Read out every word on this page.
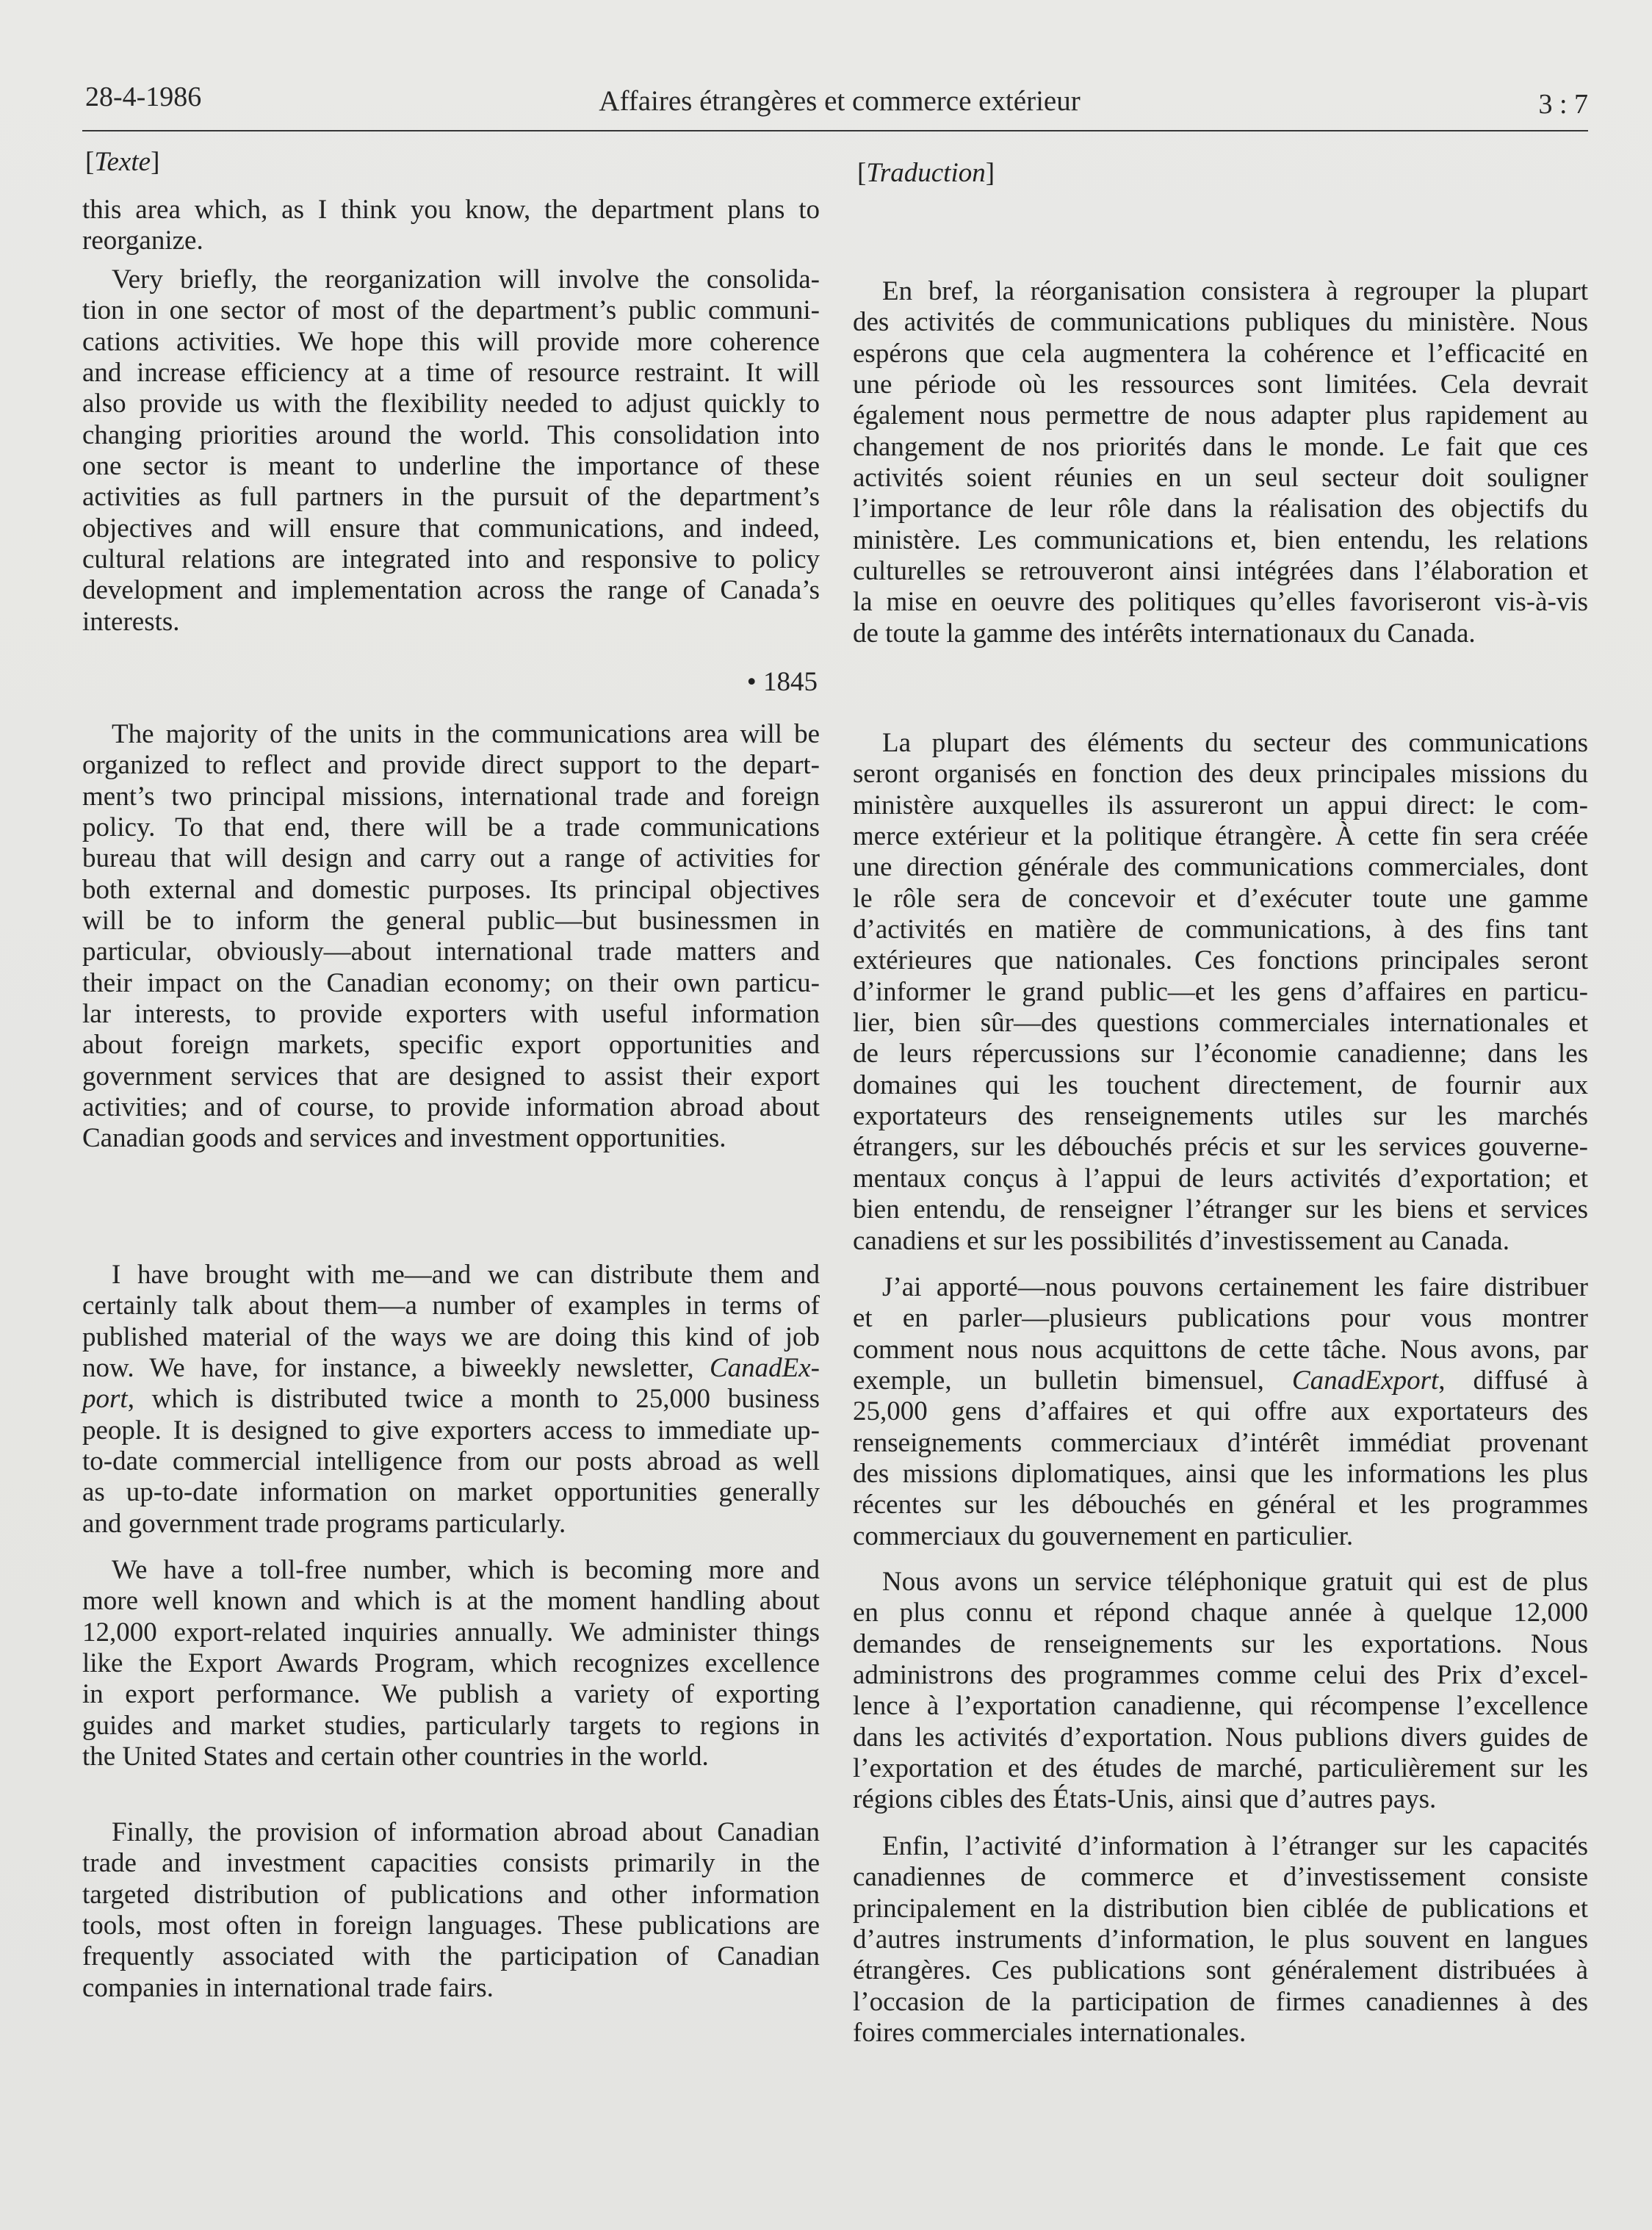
28-4-1986	Affaires étrangères et commerce extérieur	3 : 7
[Texte]
this area which, as I think you know, the department plans to
reorganize.
Very briefly, the reorganization will involve the consolida-
tion in one sector of most of the department’s public communi-
cations activities. We hope this will provide more coherence
and increase efficiency at a time of resource restraint. It will
also provide us with the flexibility needed to adjust quickly to
changing priorities around the world. This consolidation into
one sector is meant to underline the importance of these
activities as full partners in the pursuit of the department’s
objectives and will ensure that communications, and indeed,
cultural relations are integrated into and responsive to policy
development and implementation across the range of Canada’s
interests.
• 1845
The majority of the units in the communications area will be
organized to reflect and provide direct support to the depart-
ment’s two principal missions, international trade and foreign
policy. To that end, there will be a trade communications
bureau that will design and carry out a range of activities for
both external and domestic purposes. Its principal objectives
will be to inform the general public—but businessmen in
particular, obviously—about international trade matters and
their impact on the Canadian economy; on their own particu-
lar interests, to provide exporters with useful information
about foreign markets, specific export opportunities and
government services that are designed to assist their export
activities; and of course, to provide information abroad about
Canadian goods and services and investment opportunities.
I have brought with me—and we can distribute them and
certainly talk about them—a number of examples in terms of
published material of the ways we are doing this kind of job
now. We have, for instance, a biweekly newsletter, CanadEx-
port, which is distributed twice a month to 25,000 business
people. It is designed to give exporters access to immediate up-
to-date commercial intelligence from our posts abroad as well
as up-to-date information on market opportunities generally
and government trade programs particularly.
We have a toll-free number, which is becoming more and
more well known and which is at the moment handling about
12,000 export-related inquiries annually. We administer things
like the Export Awards Program, which recognizes excellence
in export performance. We publish a variety of exporting
guides and market studies, particularly targets to regions in
the United States and certain other countries in the world.
Finally, the provision of information abroad about Canadian
trade and investment capacities consists primarily in the
targeted distribution of publications and other information
tools, most often in foreign languages. These publications are
frequently associated with the participation of Canadian
companies in international trade fairs.
[Traduction]
En bref, la réorganisation consistera à regrouper la plupart
des activités de communications publiques du ministère. Nous
espérons que cela augmentera la cohérence et l’efficacité en
une période où les ressources sont limitées. Cela devrait
également nous permettre de nous adapter plus rapidement au
changement de nos priorités dans le monde. Le fait que ces
activités soient réunies en un seul secteur doit souligner
l’importance de leur rôle dans la réalisation des objectifs du
ministère. Les communications et, bien entendu, les relations
culturelles se retrouveront ainsi intégrées dans l’élaboration et
la mise en oeuvre des politiques qu’elles favoriseront vis-à-vis
de toute la gamme des intérêts internationaux du Canada.
La plupart des éléments du secteur des communications
seront organisés en fonction des deux principales missions du
ministère auxquelles ils assureront un appui direct: le com-
merce extérieur et la politique étrangère. À cette fin sera créée
une direction générale des communications commerciales, dont
le rôle sera de concevoir et d’exécuter toute une gamme
d’activités en matière de communications, à des fins tant
extérieures que nationales. Ces fonctions principales seront
d’informer le grand public—et les gens d’affaires en particu-
lier, bien sûr—des questions commerciales internationales et
de leurs répercussions sur l’économie canadienne; dans les
domaines qui les touchent directement, de fournir aux
exportateurs des renseignements utiles sur les marchés
étrangers, sur les débouchés précis et sur les services gouverne-
mentaux conçus à l’appui de leurs activités d’exportation; et
bien entendu, de renseigner l’étranger sur les biens et services
canadiens et sur les possibilités d’investissement au Canada.
J’ai apporté—nous pouvons certainement les faire distribuer
et en parler—plusieurs publications pour vous montrer
comment nous nous acquittons de cette tâche. Nous avons, par
exemple, un bulletin bimensuel, CanadExport, diffusé à
25,000 gens d’affaires et qui offre aux exportateurs des
renseignements commerciaux d’intérêt immédiat provenant
des missions diplomatiques, ainsi que les informations les plus
récentes sur les débouchés en général et les programmes
commerciaux du gouvernement en particulier.
Nous avons un service téléphonique gratuit qui est de plus
en plus connu et répond chaque année à quelque 12,000
demandes de renseignements sur les exportations. Nous
administrons des programmes comme celui des Prix d’excel-
lence à l’exportation canadienne, qui récompense l’excellence
dans les activités d’exportation. Nous publions divers guides de
l’exportation et des études de marché, particulièrement sur les
régions cibles des États-Unis, ainsi que d’autres pays.
Enfin, l’activité d’information à l’étranger sur les capacités
canadiennes de commerce et d’investissement consiste
principalement en la distribution bien ciblée de publications et
d’autres instruments d’information, le plus souvent en langues
étrangères. Ces publications sont généralement distribuées à
l’occasion de la participation de firmes canadiennes à des
foires commerciales internationales.
